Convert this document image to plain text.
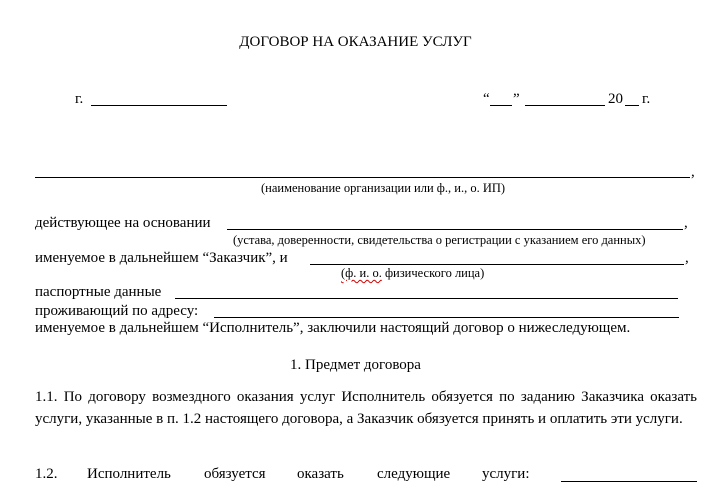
ДОГОВОР НА ОКАЗАНИЕ УСЛУГ
г.	“ ”	20 г.
,
(наименование организации или ф., и., о. ИП)
действующее на основании	,
(устава, доверенности, свидетельства о регистрации с указанием его данных)
именуемое в дальнейшем “Заказчик”, и	,
(ф. и. о. физического лица)
паспортные данные
проживающий по адресу:
именуемое в дальнейшем “Исполнитель”, заключили настоящий договор о нижеследующем.
1. Предмет договора
1.1. По договору возмездного оказания услуг Исполнитель обязуется по заданию Заказчика оказать услуги, указанные в п. 1.2 настоящего договора, а Заказчик обязуется принять и оплатить эти услуги.
1.2. Исполнитель обязуется оказать следующие услуги:
